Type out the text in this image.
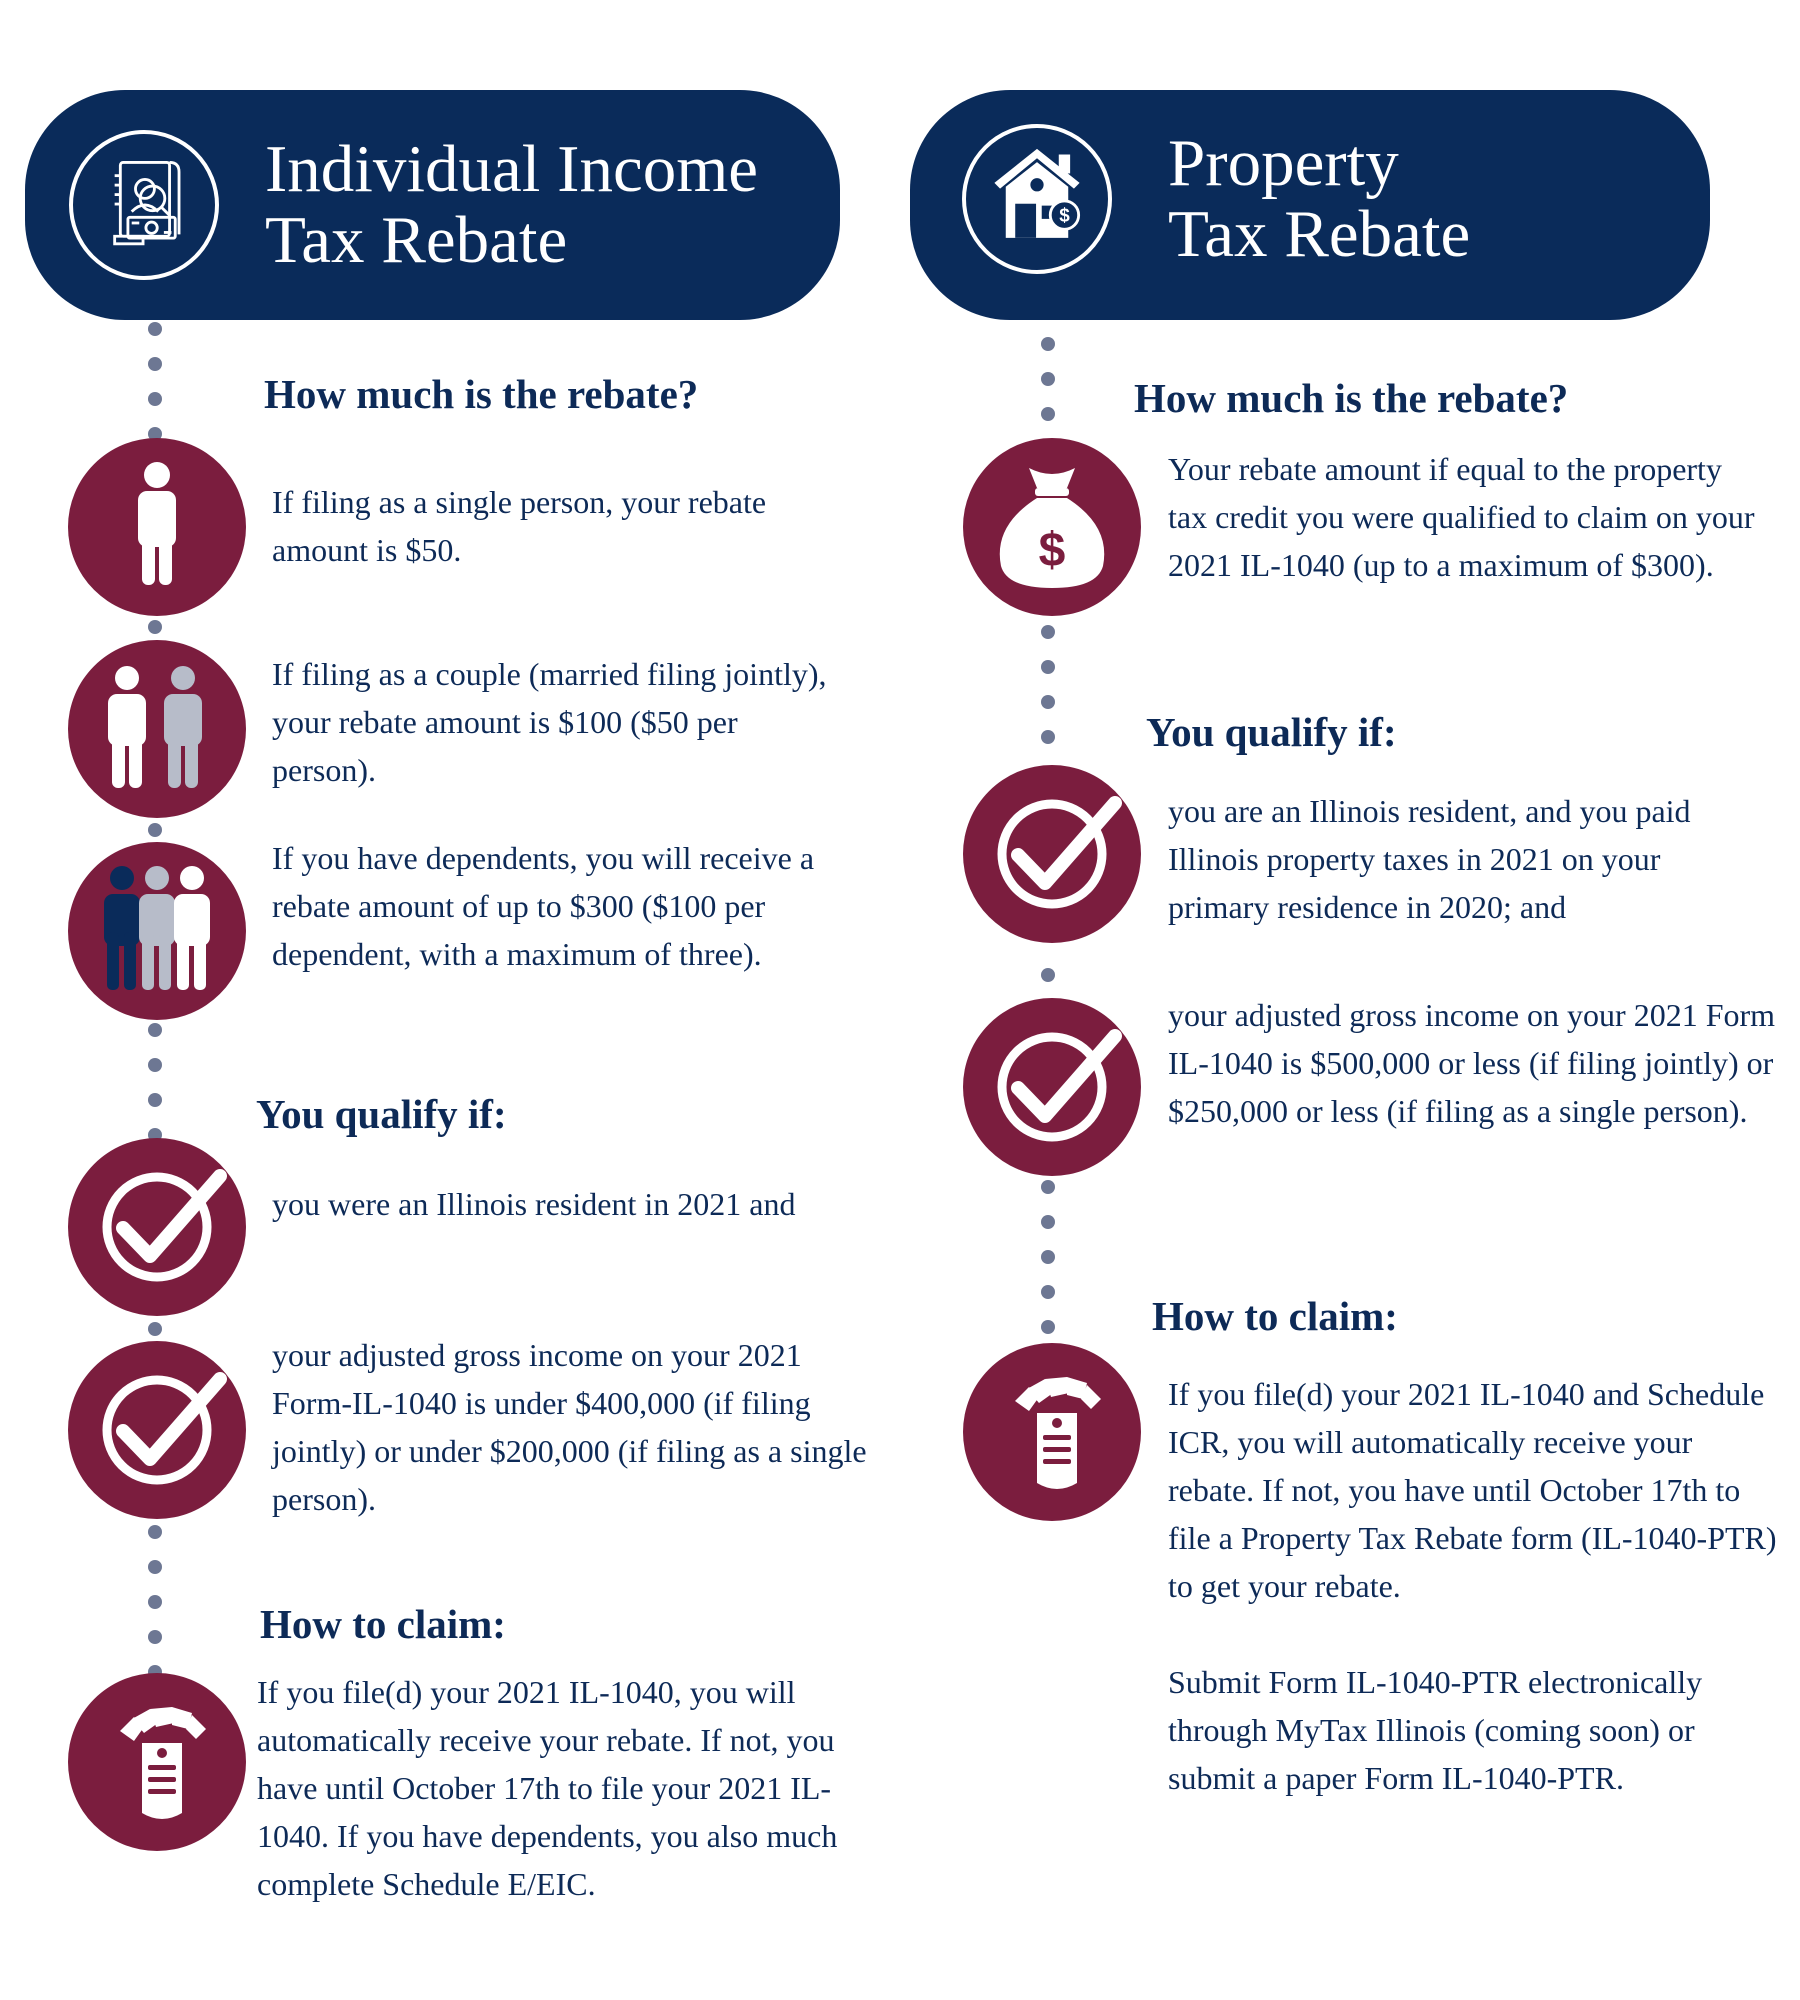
Individual Income
Tax Rebate
How much is the rebate?
If filing as a single person, your rebate amount is $50.
If filing as a couple (married filing jointly), your rebate amount is $100 ($50 per person).
If you have dependents, you will receive a rebate amount of up to $300 ($100 per dependent, with a maximum of three).
You qualify if:
you were an Illinois resident in 2021 and
your adjusted gross income on your 2021 Form-IL-1040 is under $400,000 (if filing jointly) or under $200,000 (if filing as a single person).
How to claim:
If you file(d) your 2021 IL-1040, you will automatically receive your rebate. If not, you have until October 17th to file your 2021 IL-1040. If you have dependents, you also much complete Schedule E/EIC.
$
Property
Tax Rebate
How much is the rebate?
$
Your rebate amount if equal to the property tax credit you were qualified to claim on your 2021 IL-1040 (up to a maximum of $300).
You qualify if:
you are an Illinois resident, and you paid Illinois property taxes in 2021 on your primary residence in 2020; and
your adjusted gross income on your 2021 Form IL-1040 is $500,000 or less (if filing jointly) or $250,000 or less (if filing as a single person).
How to claim:
If you file(d) your 2021 IL-1040 and Schedule ICR, you will automatically receive your rebate. If not, you have until October 17th to file a Property Tax Rebate form (IL-1040-PTR) to get your rebate.
Submit Form IL-1040-PTR electronically through MyTax Illinois (coming soon) or submit a paper Form IL-1040-PTR.
